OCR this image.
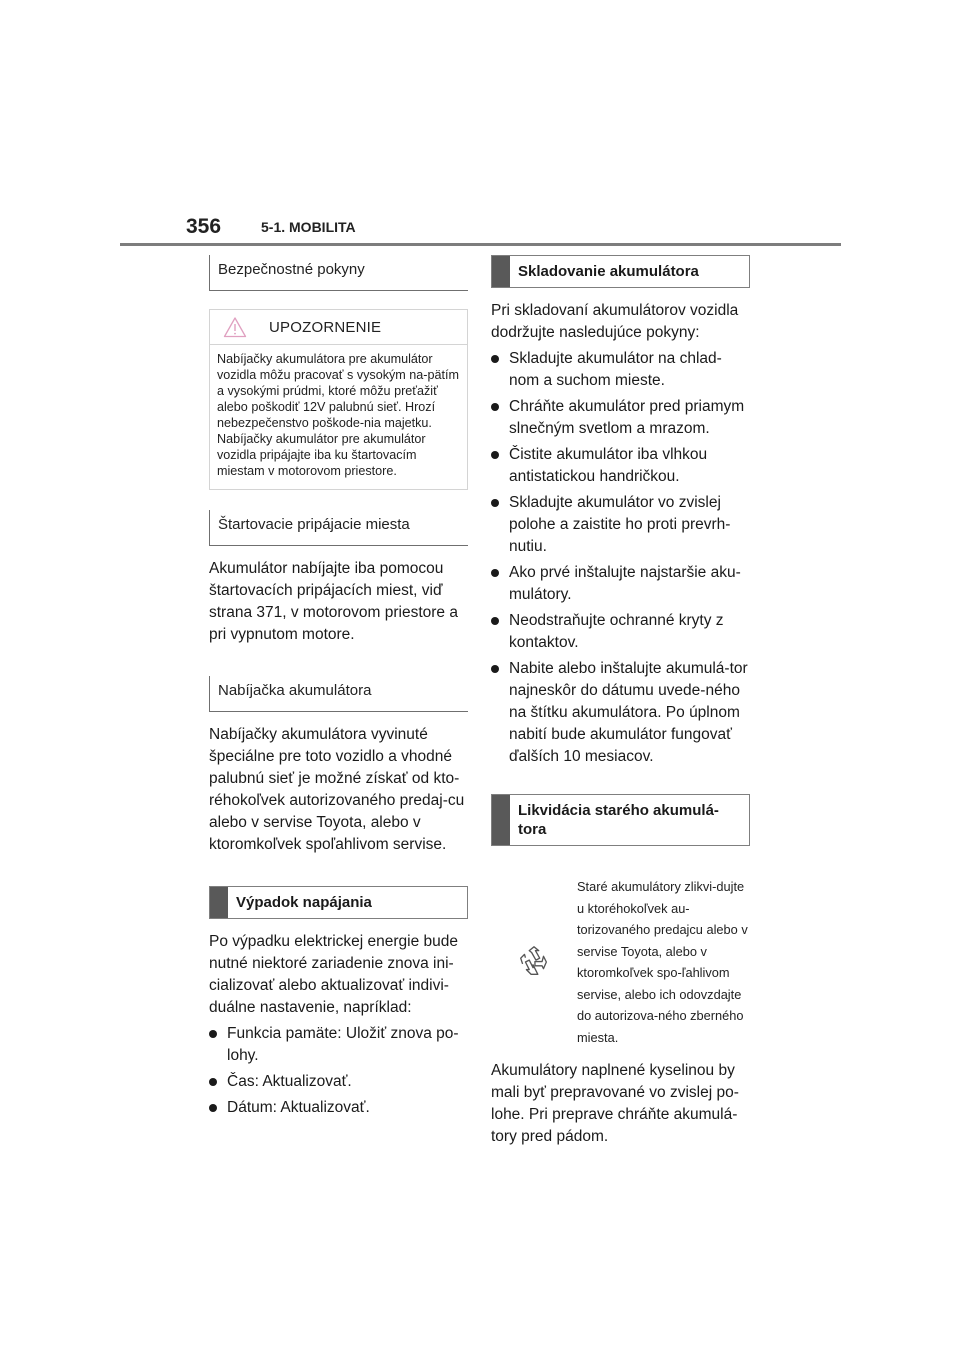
356	5-1. MOBILITA
Bezpečnostné pokyny
UPOZORNENIE
Nabíjačky akumulátora pre akumulátor vozidla môžu pracovať s vysokým na-pätím a vysokými prúdmi, ktoré môžu preťažiť alebo poškodiť 12V palubnú sieť. Hrozí nebezpečenstvo poškode-nia majetku. Nabíjačky akumulátor pre akumulátor vozidla pripájajte iba ku štartovacím miestam v motorovom priestore.
Štartovacie pripájacie miesta

Akumulátor nabíjajte iba pomocou štartovacích pripájacích miest, viď strana 371, v motorovom priestore a pri vypnutom motore.

Nabíjačka akumulátora

Nabíjačky akumulátora vyvinuté špeciálne pre toto vozidlo a vhodné palubnú sieť je možné získať od kto-réhokoľvek autorizovaného predaj-cu alebo v servise Toyota, alebo v ktoromkoľvek spoľahlivom servise.

Výpadok napájania

Po výpadku elektrickej energie bude nutné niektoré zariadenie znova ini-cializovať alebo aktualizovať indivi-duálne nastavenie, napríklad:

Funkcia pamäte: Uložiť znova po-lohy.
Čas: Aktualizovať.
Dátum: Aktualizovať.
Skladovanie akumulátora

Pri skladovaní akumulátorov vozidla dodržujte nasledujúce pokyny:

Skladujte akumulátor na chlad-nom a suchom mieste.
Chráňte akumulátor pred priamym slnečným svetlom a mrazom.
Čistite akumulátor iba vlhkou antistatickou handričkou.
Skladujte akumulátor vo zvislej polohe a zaistite ho proti prevrh-nutiu.
Ako prvé inštalujte najstaršie aku-mulátory.
Neodstraňujte ochranné kryty z kontaktov.
Nabite alebo inštalujte akumulá-tor najneskôr do dátumu uvede-ného na štítku akumulátora. Po úplnom nabití bude akumulátor fungovať ďalších 10 mesiacov.
Likvidácia starého akumulá-tora
Staré akumulátory zlikvi-dujte u ktoréhokoľvek au-torizovaného predajcu alebo v servise Toyota, alebo v ktoromkoľvek spo-ľahlivom servise, alebo ich odovzdajte do autorizova-ného zberného miesta.

Akumulátory naplnené kyselinou by mali byť prepravované vo zvislej po-lohe. Pri preprave chráňte akumulá-tory pred pádom.
